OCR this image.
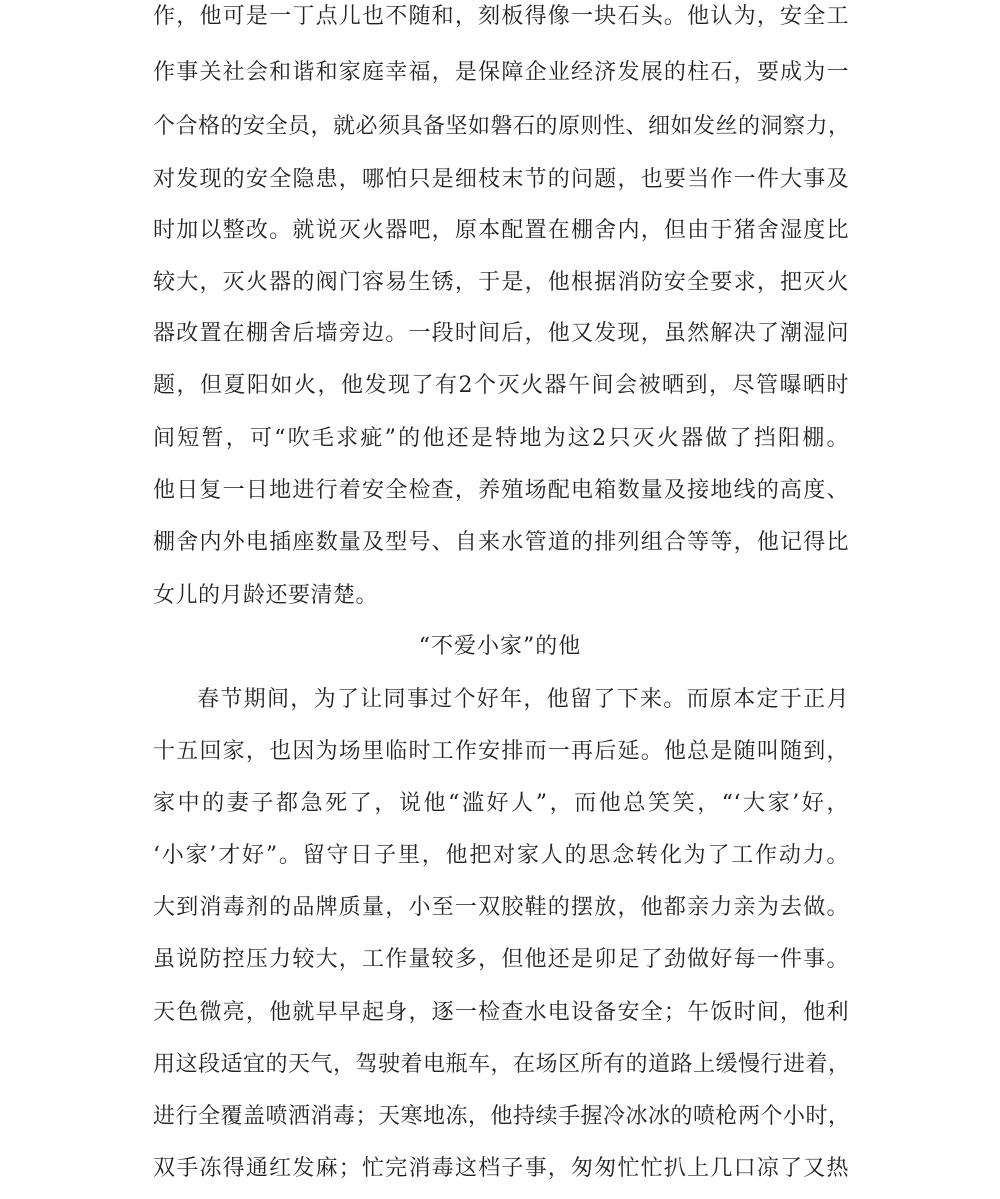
作，他可是一丁点儿也不随和，刻板得像一块石头。他认为，安全工
作事关社会和谐和家庭幸福，是保障企业经济发展的柱石，要成为一
个合格的安全员，就必须具备坚如磐石的原则性、细如发丝的洞察力，
对发现的安全隐患，哪怕只是细枝末节的问题，也要当作一件大事及
时加以整改。就说灭火器吧，原本配置在棚舍内，但由于猪舍湿度比
较大，灭火器的阀门容易生锈，于是，他根据消防安全要求，把灭火
器改置在棚舍后墙旁边。一段时间后，他又发现，虽然解决了潮湿问
题，但夏阳如火，他发现了有2个灭火器午间会被晒到，尽管曝晒时
间短暂，可“吹毛求疵”的他还是特地为这2只灭火器做了挡阳棚。
他日复一日地进行着安全检查，养殖场配电箱数量及接地线的高度、
棚舍内外电插座数量及型号、自来水管道的排列组合等等，他记得比
女儿的月龄还要清楚。
“不爱小家”的他
春节期间，为了让同事过个好年，他留了下来。而原本定于正月
十五回家，也因为场里临时工作安排而一再后延。他总是随叫随到，
家中的妻子都急死了，说他“滥好人”，而他总笑笑，“‘大家’好，
‘小家’才好”。留守日子里，他把对家人的思念转化为了工作动力。
大到消毒剂的品牌质量，小至一双胶鞋的摆放，他都亲力亲为去做。
虽说防控压力较大，工作量较多，但他还是卯足了劲做好每一件事。
天色微亮，他就早早起身，逐一检查水电设备安全；午饭时间，他利
用这段适宜的天气，驾驶着电瓶车，在场区所有的道路上缓慢行进着，
进行全覆盖喷洒消毒；天寒地冻，他持续手握冷冰冰的喷枪两个小时，
双手冻得通红发麻；忙完消毒这档子事，匆匆忙忙扒上几口凉了又热
